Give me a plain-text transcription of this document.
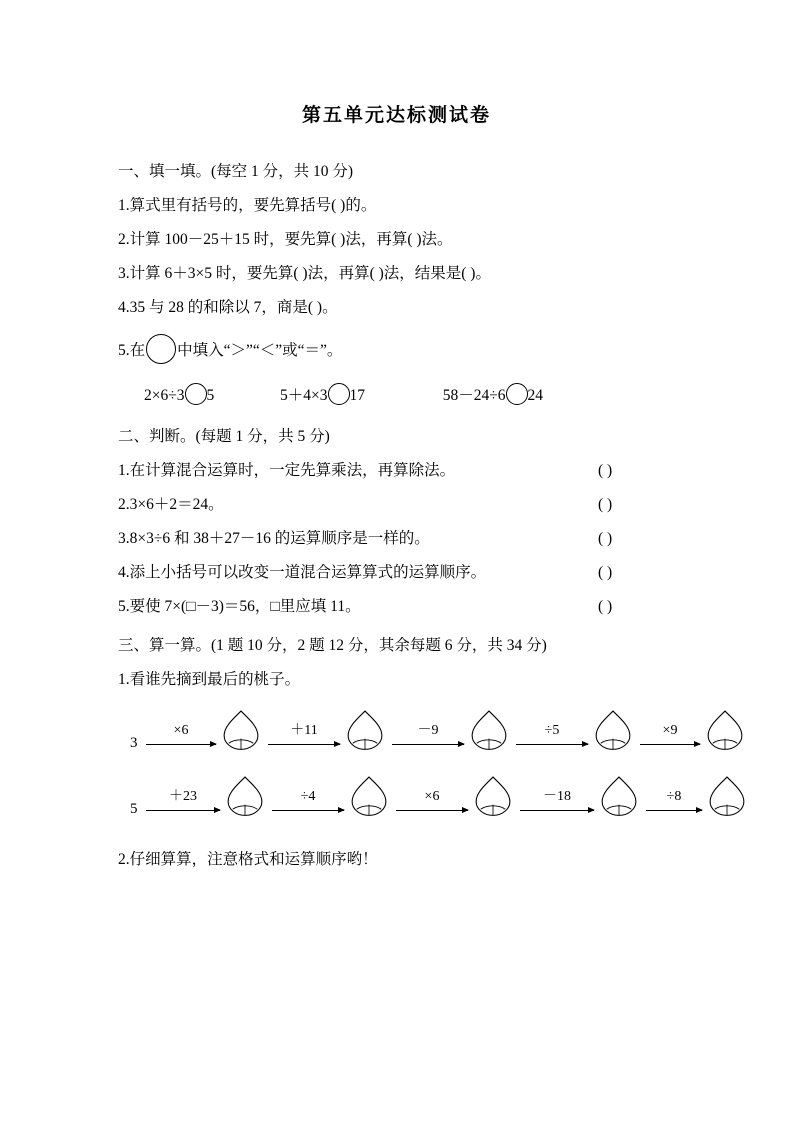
第五单元达标测试卷
一、填一填。(每空 1 分，共 10 分)
1.算式里有括号的，要先算括号( )的。
2.计算 100－25＋15 时，要先算( )法，再算( )法。
3.计算 6＋3×5 时，要先算( )法，再算( )法，结果是( )。
4.35 与 28 的和除以 7，商是( )。
5.在 中填入“＞”“＜”或“＝”。
2×6÷3 5	5＋4×3 17	58－24÷6 24
二、判断。(每题 1 分，共 5 分)
1.在计算混合运算时，一定先算乘法，再算除法。	( )
2.3×6＋2＝24。	( )
3.8×3÷6 和 38＋27－16 的运算顺序是一样的。	( )
4.添上小括号可以改变一道混合运算算式的运算顺序。	( )
5.要使 7×(□－3)＝56，□里应填 11。	( )
三、算一算。(1 题 10 分，2 题 12 分，其余每题 6 分，共 34 分)
1.看谁先摘到最后的桃子。
3
×6	＋11	－9	÷5	×9
5
＋23	÷4	×6	－18	÷8
2.仔细算算，注意格式和运算顺序哟！
